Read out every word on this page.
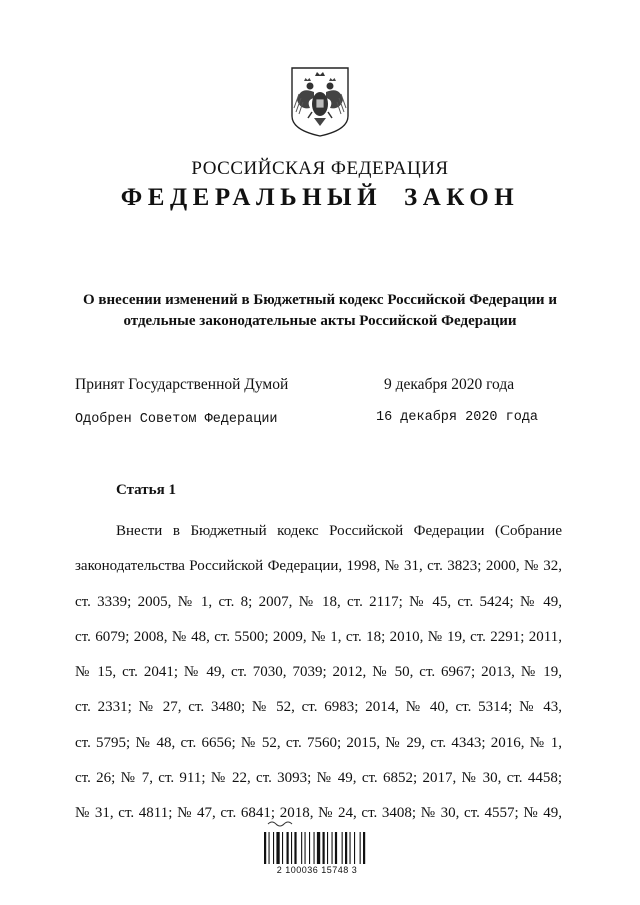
РОССИЙСКАЯ ФЕДЕРАЦИЯ
ФЕДЕРАЛЬНЫЙ ЗАКОН
О внесении изменений в Бюджетный кодекс Российской Федерации и
отдельные законодательные акты Российской Федерации
Принят Государственной Думой	9 декабря 2020 года
Одобрен Советом Федерации	16 декабря 2020 года
Статья 1
Внести в Бюджетный кодекс Российской Федерации (Собрание
законодательства Российской Федерации, 1998, № 31, ст. 3823; 2000, № 32,
ст. 3339; 2005, № 1, ст. 8; 2007, № 18, ст. 2117; № 45, ст. 5424; № 49,
ст. 6079; 2008, № 48, ст. 5500; 2009, № 1, ст. 18; 2010, № 19, ст. 2291; 2011,
№ 15, ст. 2041; № 49, ст. 7030, 7039; 2012, № 50, ст. 6967; 2013, № 19,
ст. 2331; № 27, ст. 3480; № 52, ст. 6983; 2014, № 40, ст. 5314; № 43,
ст. 5795; № 48, ст. 6656; № 52, ст. 7560; 2015, № 29, ст. 4343; 2016, № 1,
ст. 26; № 7, ст. 911; № 22, ст. 3093; № 49, ст. 6852; 2017, № 30, ст. 4458;
№ 31, ст. 4811; № 47, ст. 6841; 2018, № 24, ст. 3408; № 30, ст. 4557; № 49,
2 100036 15748 3
